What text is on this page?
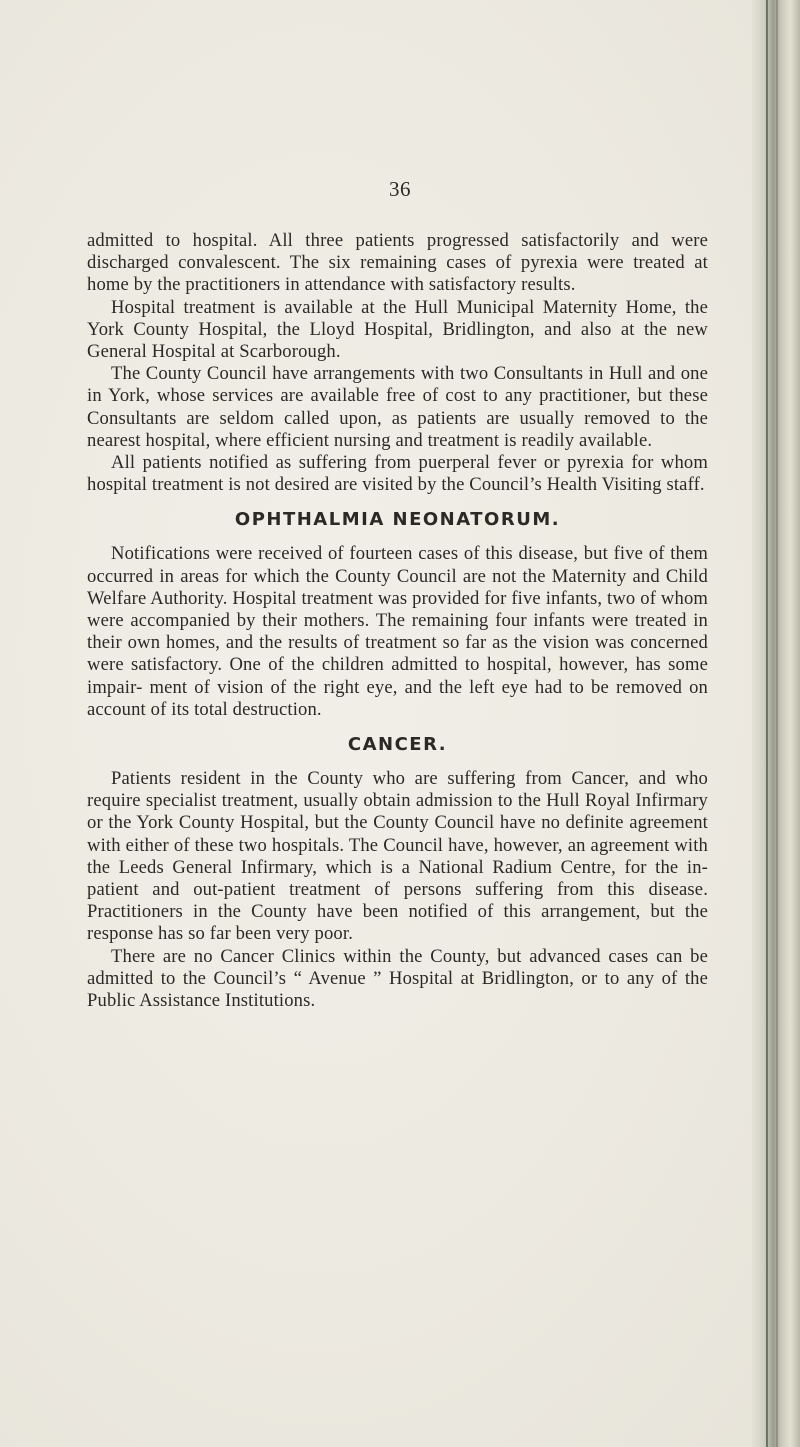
36

admitted to hospital. All three patients progressed satisfactorily and were discharged convalescent. The six remaining cases of pyrexia were treated at home by the practitioners in attendance with satisfactory results.

Hospital treatment is available at the Hull Municipal Maternity Home, the York County Hospital, the Lloyd Hospital, Bridlington, and also at the new General Hospital at Scarborough.

The County Council have arrangements with two Consultants in Hull and one in York, whose services are available free of cost to any practitioner, but these Consultants are seldom called upon, as patients are usually removed to the nearest hospital, where efficient nursing and treatment is readily available.

All patients notified as suffering from puerperal fever or pyrexia for whom hospital treatment is not desired are visited by the Council’s Health Visiting staff.

OPHTHALMIA NEONATORUM.

Notifications were received of fourteen cases of this disease, but five of them occurred in areas for which the County Council are not the Maternity and Child Welfare Authority. Hospital treatment was provided for five infants, two of whom were accompanied by their mothers. The remaining four infants were treated in their own homes, and the results of treatment so far as the vision was concerned were satisfactory. One of the children admitted to hospital, however, has some impair- ment of vision of the right eye, and the left eye had to be removed on account of its total destruction.

CANCER.

Patients resident in the County who are suffering from Cancer, and who require specialist treatment, usually obtain admission to the Hull Royal Infirmary or the York County Hospital, but the County Council have no definite agreement with either of these two hospitals. The Council have, however, an agreement with the Leeds General Infirmary, which is a National Radium Centre, for the in-patient and out-patient treatment of persons suffering from this disease. Practitioners in the County have been notified of this arrangement, but the response has so far been very poor.

There are no Cancer Clinics within the County, but advanced cases can be admitted to the Council’s “ Avenue ” Hospital at Bridlington, or to any of the Public Assistance Institutions.
